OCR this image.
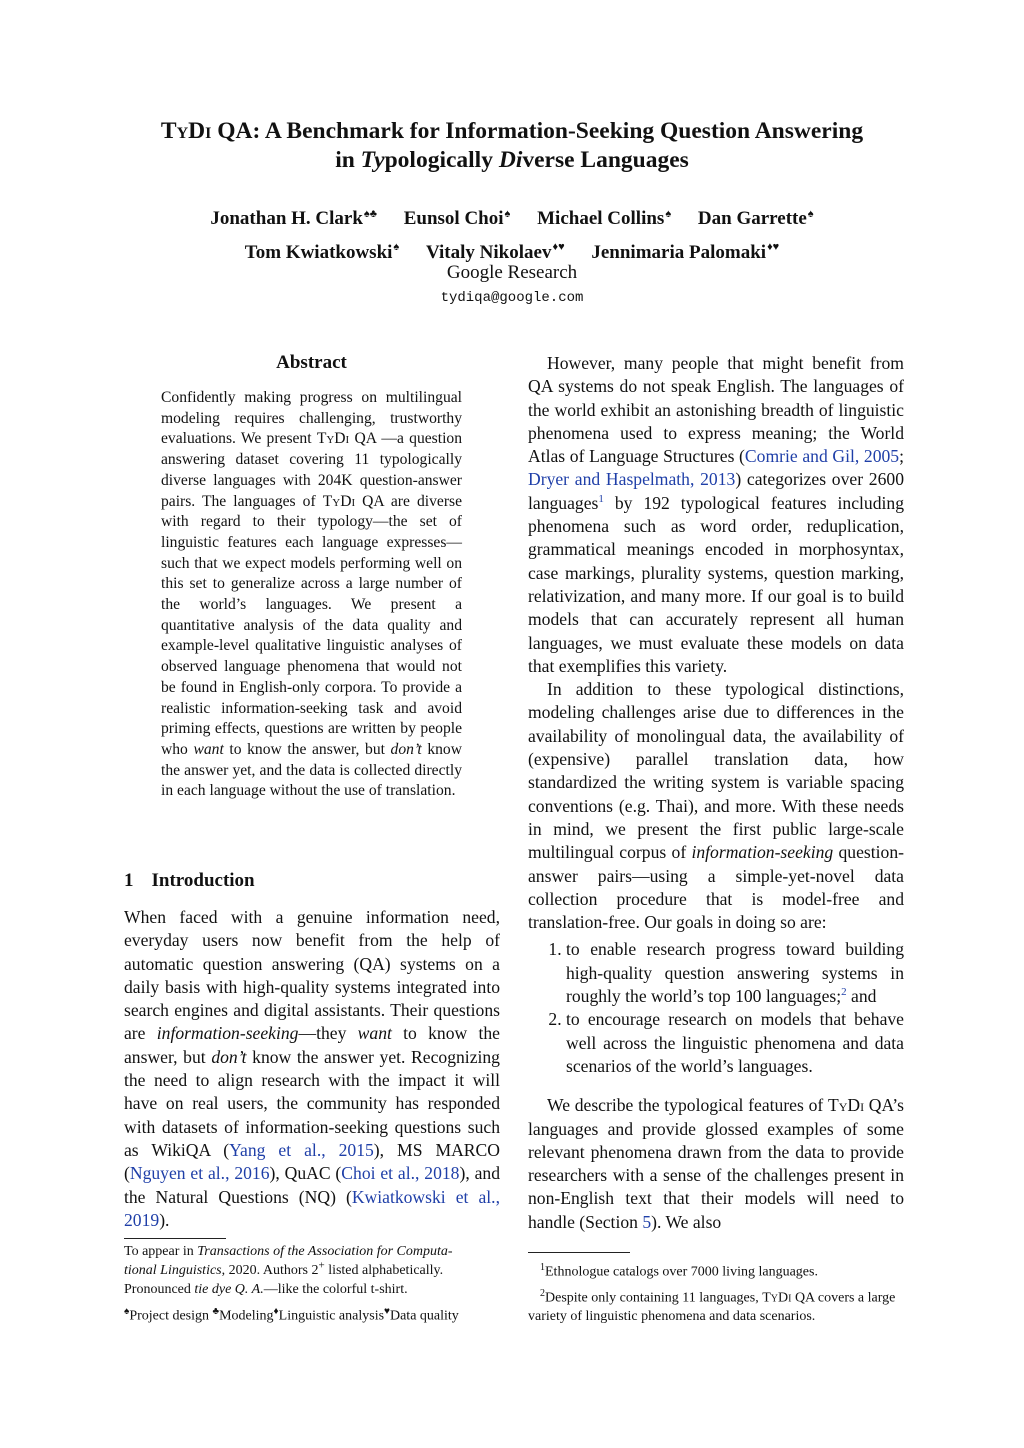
TyDi QA: A Benchmark for Information-Seeking Question Answering
in Typologically Diverse Languages
Jonathan H. Clark♠♣ Eunsol Choi♠ Michael Collins♠ Dan Garrette♠
Tom Kwiatkowski♠ Vitaly Nikolaev♦♥ Jennimaria Palomaki♦♥
Google Research
tydiqa@google.com
Abstract
Confidently making progress on multilingual modeling requires challenging, trustworthy evaluations. We present TyDi QA —a question answering dataset covering 11 typologically diverse languages with 204K question-answer pairs. The languages of TyDi QA are diverse with regard to their typology—the set of linguistic features each language expresses—such that we expect models performing well on this set to generalize across a large number of the world’s languages. We present a quantitative analysis of the data quality and example-level qualitative linguistic analyses of observed language phenomena that would not be found in English-only corpora. To provide a realistic information-seeking task and avoid priming effects, questions are written by people who want to know the answer, but don’t know the answer yet, and the data is collected directly in each language without the use of translation.
1 Introduction

When faced with a genuine information need, everyday users now benefit from the help of automatic question answering (QA) systems on a daily basis with high-quality systems integrated into search engines and digital assistants. Their questions are information-seeking—they want to know the answer, but don’t know the answer yet. Recognizing the need to align research with the impact it will have on real users, the community has responded with datasets of information-seeking questions such as WikiQA (Yang et al., 2015), MS MARCO (Nguyen et al., 2016), QuAC (Choi et al., 2018), and the Natural Questions (NQ) (Kwiatkowski et al., 2019).

To appear in Transactions of the Association for Computa-
tional Linguistics, 2020. Authors 2+ listed alphabetically.
Pronounced tie dye Q. A.—like the colorful t-shirt.
♠Project design ♣Modeling♦Linguistic analysis♥Data quality

However, many people that might benefit from QA systems do not speak English. The languages of the world exhibit an astonishing breadth of linguistic phenomena used to express meaning; the World Atlas of Language Structures (Comrie and Gil, 2005; Dryer and Haspelmath, 2013) categorizes over 2600 languages$^1$ by 192 typological features including phenomena such as word order, reduplication, grammatical meanings encoded in morphosyntax, case markings, plurality systems, question marking, relativization, and many more. If our goal is to build models that can accurately represent all human languages, we must evaluate these models on data that exemplifies this variety.

In addition to these typological distinctions, modeling challenges arise due to differences in the availability of monolingual data, the availability of (expensive) parallel translation data, how standardized the writing system is variable spacing conventions (e.g. Thai), and more. With these needs in mind, we present the first public large-scale multilingual corpus of information-seeking question-answer pairs—using a simple-yet-novel data collection procedure that is model-free and translation-free. Our goals in doing so are:

1. to enable research progress toward building high-quality question answering systems in roughly the world’s top 100 languages;$^2$ and
2. to encourage research on models that behave well across the linguistic phenomena and data scenarios of the world’s languages.

We describe the typological features of TyDi QA’s languages and provide glossed examples of some relevant phenomena drawn from the data to provide researchers with a sense of the challenges present in non-English text that their models will need to handle (Section 5). We also

$^1$Ethnologue catalogs over 7000 living languages.
$^2$Despite only containing 11 languages, TyDi QA covers a large variety of linguistic phenomena and data scenarios.
